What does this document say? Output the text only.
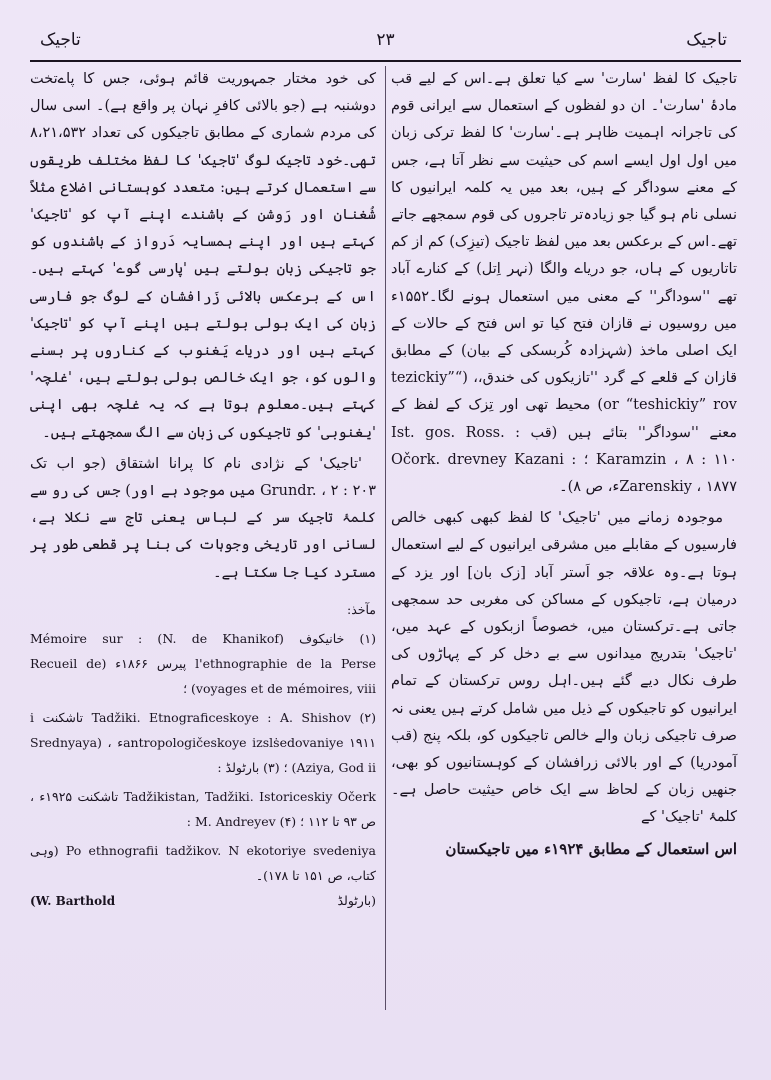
تاجیک
۲۳
تاجیک

تاجیک کا لفظ 'سارت' سے کیا تعلق ہے۔اس کے لیے قب مادۂ 'سارت'۔ ان دو لفظوں کے استعمال سے ایرانی قوم کی تاجرانہ اہمیت ظاہر ہے۔'سارت' کا لفظ ترکی زبان میں اول اول ایسے اسم کی حیثیت سے نظر آتا ہے، جس کے معنے سوداگر کے ہیں، بعد میں یہ کلمہ ایرانیوں کا نسلی نام ہو گیا جو زیادہ‌تر تاجروں کی قوم سمجھے جاتے تھے۔اس کے برعکس بعد میں لفظ تاجیک (تیزِک) کم از کم تاتاریوں کے ہاں، جو دریاے والگا (نہر اِتل) کے کنارے آباد تھے ''سوداگر'' کے معنی میں استعمال ہونے لگا۔۱۵۵۲ء میں روسیوں نے قازان فتح کیا تو اس فتح کے حالات کے ایک اصلی ماخذ (شہزادہ کُربسکی کے بیان) کے مطابق قازان کے قلعے کے گرد ''تازیکوں کی خندق،، (“tezickiy” or “teshickiy” rov) محیط تھی اور تِزک کے لفظ کے معنے ''سوداگر'' بتائے ہیں (قب Ist. gos. Ross. : Karamzin ، ۸ : ۱۱۰ ؛ Očork. drevney Kazani : Zarenskiy ، ۱۸۷۷ء، ص ۸)۔

موجودہ زمانے میں 'تاجیک' کا لفظ کبھی کبھی خالص فارسیوں کے مقابلے میں مشرقی ایرانیوں کے لیے استعمال ہوتا ہے۔وہ علاقہ جو اَستر آباد [زک بان] اور یزد کے درمیان ہے، تاجیکوں کے مساکن کی مغربی حد سمجھی جاتی ہے۔ترکستان میں، خصوصاً ازبکوں کے عہد میں، 'تاجیک' بتدریج میدانوں سے بے دخل کر کے پہاڑوں کی طرف نکال دیے گئے ہیں۔اہل روس ترکستان کے تمام ایرانیوں کو تاجیکوں کے ذیل میں شامل کرتے ہیں یعنی نہ صرف تاجیکی زبان والے خالص تاجیکوں کو، بلکہ پنج (قب آمودریا) کے اور بالائی زرافشان کے کوہستانیوں کو بھی، جنھیں زبان کے لحاظ سے ایک خاص حیثیت حاصل ہے۔کلمۂ 'تاجیک' کے

اس استعمال کے مطابق ۱۹۲۴ء میں تاجیکستان

کی خود مختار جمہوریت قائم ہوئی، جس کا پاے‌تخت دوشنبہ ہے (جو بالائی کافرِ نہان پر واقع ہے)۔ اسی سال کی مردم شماری کے مطابق تاجیکوں کی تعداد ۸،۲۱،۵۳۲ تھی۔خود تاجیک لوگ 'تاجیک' کا لفظ مختلف طریقوں سے استعمال کرتے ہیں: متعدد کوہستانی اضلاع مثلاً شُغنان اور رَوشن کے باشندے اپنے آپ کو 'تاجیک' کہتے ہیں اور اپنے ہمسایہ دَرواز کے باشندوں کو جو تاجیکی زبان بولتے ہیں 'پارسی گوے' کہتے ہیں۔اس کے برعکس بالائی زَرافشان کے لوگ جو فارسی زبان کی ایک بولی بولتے ہیں اپنے آپ کو 'تاجیک' کہتے ہیں اور دریاے یَغنوب کے کناروں پر بسنے والوں کو، جو ایک خالص بولی بولتے ہیں، 'غلچہ' کہتے ہیں۔معلوم ہوتا ہے کہ یہ غلچہ بھی اپنی 'یغنوبی' کو تاجیکوں کی زبان سے الگ سمجھتے ہیں۔

'تاجیک' کے نژادی نام کا پرانا اشتقاق (جو اب تک Grundr. ، ۲ : ۲۰۳ میں موجود ہے اور) جس کی رو سے کلمۂ تاجیک سر کے لباس یعنی تاج سے نکلا ہے، لسانی اور تاریخی وجوہات کی بنا پر قطعی طور پر مسترد کیا جا سکتا ہے۔

مآخذ:

(۱) خانیکوف (N. de Khanikof) : Mémoire sur l'ethnographie de la Perse پیرس ۱۸۶۶ء (Recueil de voyages et de mémoires, viii) ؛

(۲) Tadžiki. Etnograficeskoye : A. Shishov تاشکنت i antropologičeskoye izslṡedovaniye ۱۹۱۱ء ، (Srednyaya Aziya, God ii) ؛ (۳) بارٹولڈ :

Tadžikistan, Tadžiki. Istoriceskiy Očerk تاشکنت ۱۹۲۵ء ، ص ۹۳ تا ۱۱۲ ؛ (۴) M. Andreyev :

Po ethnografii tadžikov. N ekotoriye svedeniya (وہی کتاب، ص ۱۵۱ تا ۱۷۸)۔

(بارٹولڈ
(W. Barthold
